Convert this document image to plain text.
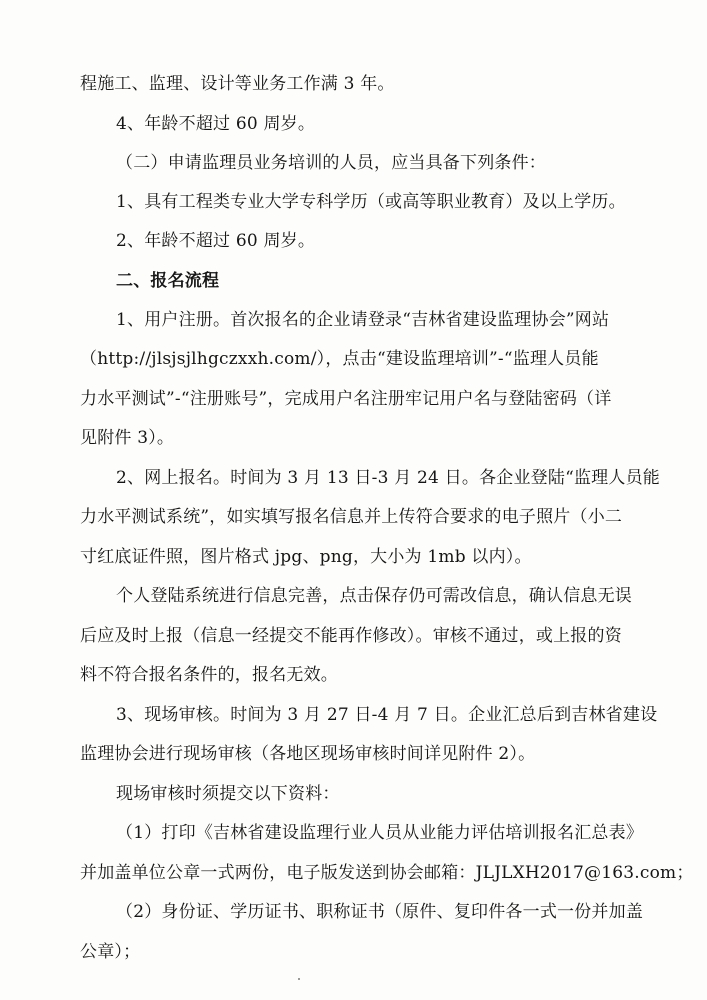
程施工、监理、设计等业务工作满 3 年。
4、年龄不超过 60 周岁。
（二）申请监理员业务培训的人员，应当具备下列条件：
1、具有工程类专业大学专科学历（或高等职业教育）及以上学历。
2、年龄不超过 60 周岁。
二、报名流程
1、用户注册。首次报名的企业请登录“吉林省建设监理协会”网站
（http://jlsjsjlhgczxxh.com/），点击“建设监理培训”-“监理人员能
力水平测试”-“注册账号”，完成用户名注册牢记用户名与登陆密码（详
见附件 3）。
2、网上报名。时间为 3 月 13 日-3 月 24 日。各企业登陆“监理人员能
力水平测试系统”，如实填写报名信息并上传符合要求的电子照片（小二
寸红底证件照，图片格式 jpg、png，大小为 1mb 以内）。
个人登陆系统进行信息完善，点击保存仍可需改信息，确认信息无误
后应及时上报（信息一经提交不能再作修改）。审核不通过，或上报的资
料不符合报名条件的，报名无效。
3、现场审核。时间为 3 月 27 日-4 月 7 日。企业汇总后到吉林省建设
监理协会进行现场审核（各地区现场审核时间详见附件 2）。
现场审核时须提交以下资料：
（1）打印《吉林省建设监理行业人员从业能力评估培训报名汇总表》
并加盖单位公章一式两份，电子版发送到协会邮箱：JLJLXH2017@163.com；
（2）身份证、学历证书、职称证书（原件、复印件各一式一份并加盖
公章）；
